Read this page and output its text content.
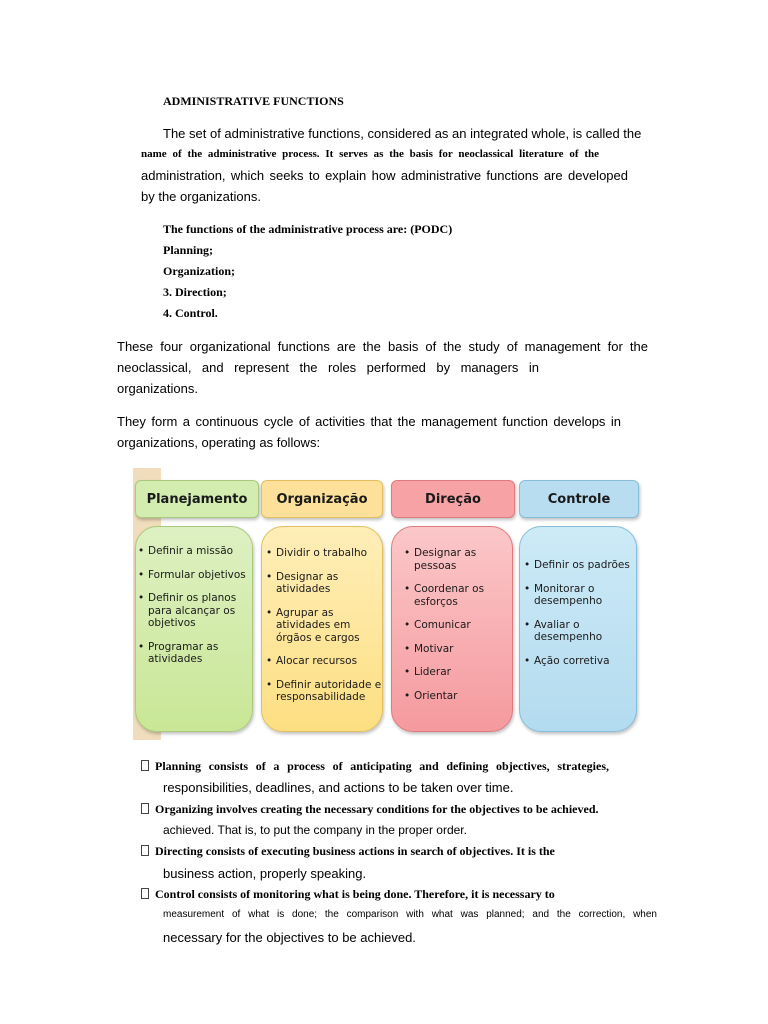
ADMINISTRATIVE FUNCTIONS
The set of administrative functions, considered as an integrated whole, is called the
name of the administrative process. It serves as the basis for neoclassical literature of the
administration, which seeks to explain how administrative functions are developed
by the organizations.
The functions of the administrative process are: (PODC)
Planning;
Organization;
3. Direction;
4. Control.
These four organizational functions are the basis of the study of management for the
neoclassical, and represent the roles performed by managers in
organizations.
They form a continuous cycle of activities that the management function develops in
organizations, operating as follows:
Planejamento	Organização	Direção	Controle
• Definir a missão
• Formular objetivos
• Definir os planos para alcançar os objetivos
• Programar as atividades
• Dividir o trabalho
• Designar as atividades
• Agrupar as atividades em órgãos e cargos
• Alocar recursos
• Definir autoridade e responsabilidade
• Designar as pessoas
• Coordenar os esforços
• Comunicar
• Motivar
• Liderar
• Orientar
• Definir os padrões
• Monitorar o desempenho
• Avaliar o desempenho
• Ação corretiva
Planning consists of a process of anticipating and defining objectives, strategies,
responsibilities, deadlines, and actions to be taken over time.
Organizing involves creating the necessary conditions for the objectives to be achieved.
achieved. That is, to put the company in the proper order.
Directing consists of executing business actions in search of objectives. It is the
business action, properly speaking.
Control consists of monitoring what is being done. Therefore, it is necessary to
measurement of what is done; the comparison with what was planned; and the correction, when
necessary for the objectives to be achieved.
